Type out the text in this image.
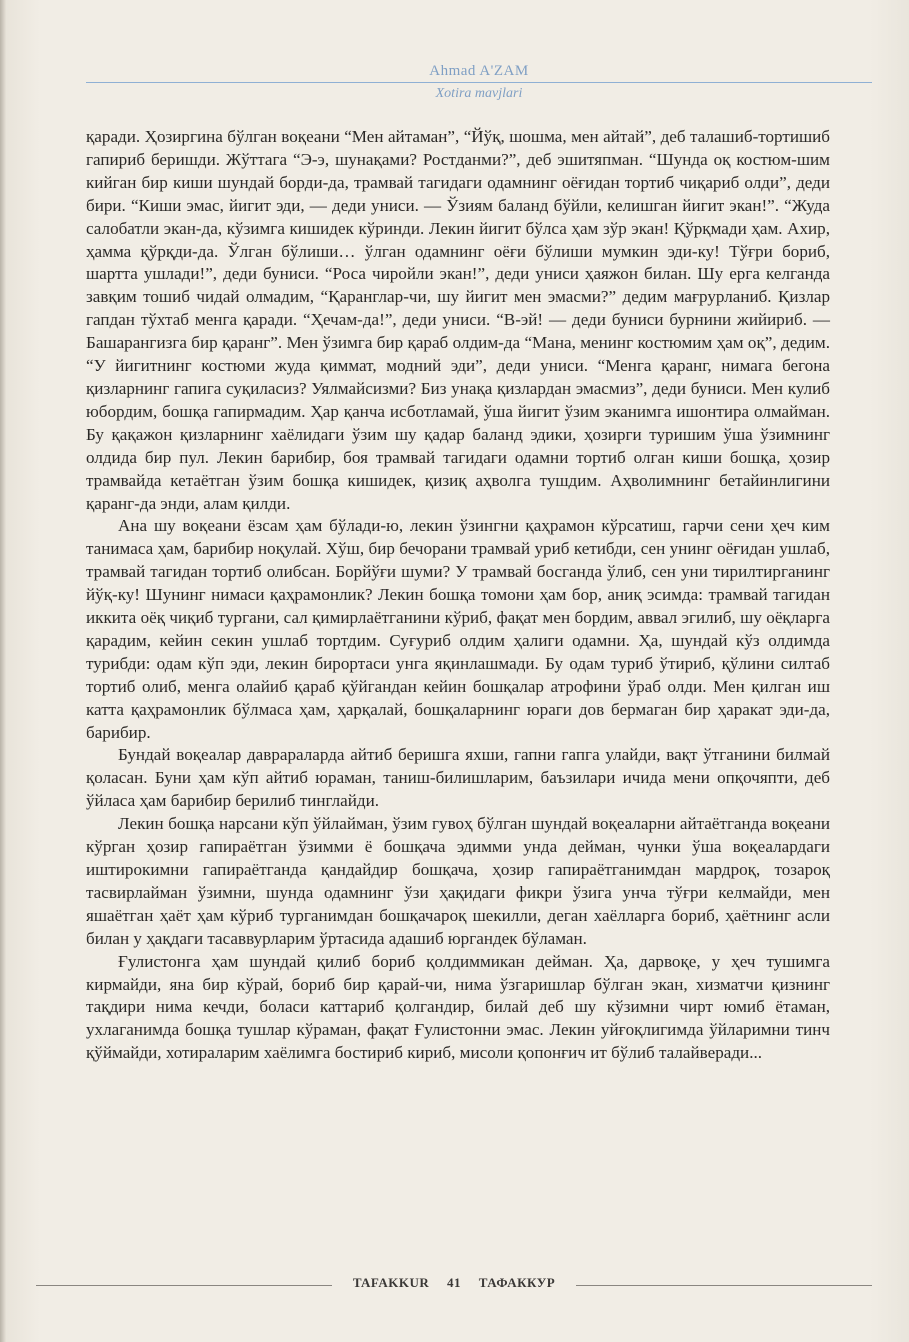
Ahmad A'ZAM
Xotira mavjlari

қаради. Ҳозиргина бўлган воқеани “Мен айтаман”, “Йўқ, шошма, мен айтай”, деб талашиб-тортишиб гапириб беришди. Жўттага “Э-э, шунақами? Ростданми?”, деб эшитяпман. “Шунда оқ костюм-шим кийган бир киши шундай борди-да, трамвай тагидаги одамнинг оёғидан тортиб чиқариб олди”, деди бири. “Киши эмас, йигит эди, — деди униси. — Ўзиям баланд бўйли, келишган йигит экан!”. “Жуда салобатли экан-да, кўзимга кишидек кўринди. Лекин йигит бўлса ҳам зўр экан! Қўрқмади ҳам. Ахир, ҳамма қўрқди-да. Ўлган бўлиши… ўлган одамнинг оёғи бўлиши мумкин эди-ку! Тўғри бориб, шартта ушлади!”, деди буниси. “Роса чиройли экан!”, деди униси ҳаяжон билан. Шу ерга келганда завқим тошиб чидай олмадим, “Қаранглар-чи, шу йигит мен эмасми?” дедим мағрурланиб. Қизлар гапдан тўхтаб менга қаради. “Ҳечам-да!”, деди униси. “В-эй! — деди буниси бурнини жийириб. — Башарангизга бир қаранг”. Мен ўзимга бир қараб олдим-да “Мана, менинг костюмим ҳам оқ”, дедим. “У йигитнинг костюми жуда қиммат, модний эди”, деди униси. “Менга қаранг, нимага бегона қизларнинг гапига суқиласиз? Уялмайсизми? Биз унақа қизлардан эмасмиз”, деди буниси. Мен кулиб юбордим, бошқа гапирмадим. Ҳар қанча исботламай, ўша йигит ўзим эканимга ишонтира олмайман. Бу қақажон қизларнинг хаёлидаги ўзим шу қадар баланд эдики, ҳозирги туришим ўша ўзимнинг олдида бир пул. Лекин барибир, боя трамвай тагидаги одамни тортиб олган киши бошқа, ҳозир трамвайда кетаётган ўзим бошқа кишидек, қизиқ аҳволга тушдим. Аҳволимнинг бетайинлигини қаранг-да энди, алам қилди.

Ана шу воқеани ёзсам ҳам бўлади-ю, лекин ўзингни қаҳрамон кўрсатиш, гарчи сени ҳеч ким танимаса ҳам, барибир ноқулай. Хўш, бир бечорани трамвай уриб кетибди, сен унинг оёғидан ушлаб, трамвай тагидан тортиб олибсан. Борйўғи шуми? У трамвай босганда ўлиб, сен уни тирилтирганинг йўқ-ку! Шунинг нимаси қаҳрамонлик? Лекин бошқа томони ҳам бор, аниқ эсимда: трамвай тагидан иккита оёқ чиқиб тургани, сал қимирлаётганини кўриб, фақат мен бордим, аввал эгилиб, шу оёқларга қарадим, кейин секин ушлаб тортдим. Суғуриб олдим ҳалиги одамни. Ҳа, шундай кўз олдимда турибди: одам кўп эди, лекин бирортаси унга яқинлашмади. Бу одам туриб ўтириб, қўлини силтаб тортиб олиб, менга олайиб қараб қўйгандан кейин бошқалар атрофини ўраб олди. Мен қилган иш катта қаҳрамонлик бўлмаса ҳам, ҳарқалай, бошқаларнинг юраги дов бермаган бир ҳаракат эди-да, барибир.

Бундай воқеалар даврараларда айтиб беришга яхши, гапни гапга улайди, вақт ўтганини билмай қоласан. Буни ҳам кўп айтиб юраман, таниш-билишларим, баъзилари ичида мени опқочяпти, деб ўйласа ҳам барибир берилиб тинглайди.

Лекин бошқа нарсани кўп ўйлайман, ўзим гувоҳ бўлган шундай воқеаларни айтаётганда воқеани кўрган ҳозир гапираётган ўзимми ё бошқача эдимми унда деймaн, чунки ўша воқеалардаги иштирокимни гапираётганда қандайдир бошқача, ҳозир гапираётганимдан мардроқ, тозароқ тасвирлайман ўзимни, шунда одамнинг ўзи ҳақидаги фикри ўзига унча тўғри келмайди, мен яшаётган ҳаёт ҳам кўриб турганимдан бошқачароқ шекилли, деган хаёлларга бориб, ҳаётнинг асли билан у ҳақдаги тасаввурларим ўртасида адашиб юргандек бўламан.

Ғулистонга ҳам шундай қилиб бориб қолдиммикан деймaн. Ҳа, дарвоқе, у ҳеч тушимга кирмайди, яна бир кўрай, бориб бир қарай-чи, нима ўзгаришлар бўлган экан, хизматчи қизнинг тақдири нима кечди, боласи каттариб қолгандир, билай деб шу кўзимни чирт юмиб ётаман, ухлаганимда бошқа тушлар кўраман, фақат Ғулистонни эмас. Лекин уйғоқлигимда ўйларимни тинч қўймайди, хотираларим хаёлимга бостириб кириб, мисоли қопонғич ит бўлиб талайверади...

TAFAKKUR 41 ТАФАККУР
